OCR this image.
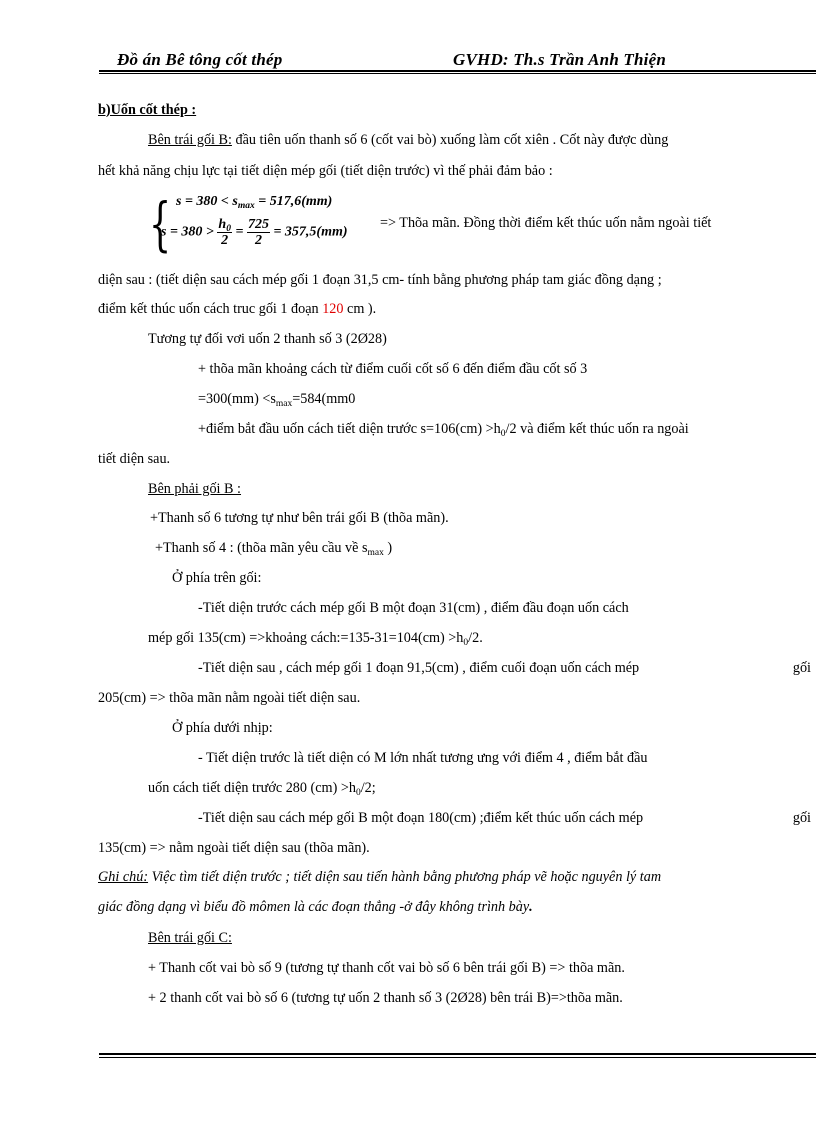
Đồ án Bê tông cốt thép	GVHD: Th.s Trần Anh Thiện
b)Uốn cốt thép :
Bên trái gối B: đầu tiên uốn thanh số 6 (cốt vai bò) xuống làm cốt xiên . Cốt này được dùng
hết khả năng chịu lực tại tiết diện mép gối (tiết diện trước) vì thế phải đảm bảo :
{ $s = 380 < s_{max} = 517,6(mm)$
$s = 380 > \frac{h_0}{2} = \frac{725}{2} = 357,5(mm)$
=> Thõa mãn. Đồng thời điểm kết thúc uốn nằm ngoài tiết
diện sau : (tiết diện sau cách mép gối 1 đoạn 31,5 cm- tính bằng phương pháp tam giác đồng dạng ;
điểm kết thúc uốn cách truc gối 1 đoạn 120 cm ).
Tương tự đối vơi uốn 2 thanh số 3 (2Ø28)
+ thõa mãn khoảng cách từ điểm cuối cốt số 6 đến điểm đầu cốt số 3
$=300(mm) <s_{max}=584(mm0$
+điểm bắt đầu uốn cách tiết diện trước $s=106(cm) >h_0/2$ và điểm kết thúc uốn ra ngoài
tiết diện sau.
Bên phải gối B :
+Thanh số 6 tương tự như bên trái gối B (thõa mãn).
+Thanh số 4 : (thõa mãn yêu cầu về $s_{max}$ )
Ở phía trên gối:
-Tiết diện trước cách mép gối B một đoạn 31(cm) , điểm đầu đoạn uốn cách
mép gối 135(cm) =>khoảng cách:=135-31=104(cm) $>h_0/2$.
-Tiết diện sau , cách mép gối 1 đoạn 91,5(cm) , điểm cuối đoạn uốn cách mép	gối
205(cm) => thõa mãn nằm ngoài tiết diện sau.
Ở phía dưới nhịp:
- Tiết diện trước là tiết diện có M lớn nhất tương ưng với điểm 4 , điểm bắt đầu
uốn cách tiết diện trước 280 $(cm) >h_0/2$;
-Tiết diện sau cách mép gối B một đoạn 180(cm) ;điểm kết thúc uốn cách mép	gối
135(cm) => nằm ngoài tiết diện sau (thõa mãn).
Ghi chú: Việc tìm tiết diện trước ; tiết diện sau tiến hành bằng phương pháp vẽ hoặc nguyên lý tam
giác đồng dạng vì biểu đồ mômen là các đoạn thẳng -ở đây không trình bày.
Bên trái gối C:
+ Thanh cốt vai bò số 9 (tương tự thanh cốt vai bò số 6 bên trái gối B) => thõa mãn.
+ 2 thanh cốt vai bò số 6 (tương tự uốn 2 thanh số 3 (2Ø28) bên trái B)=>thõa mãn.
